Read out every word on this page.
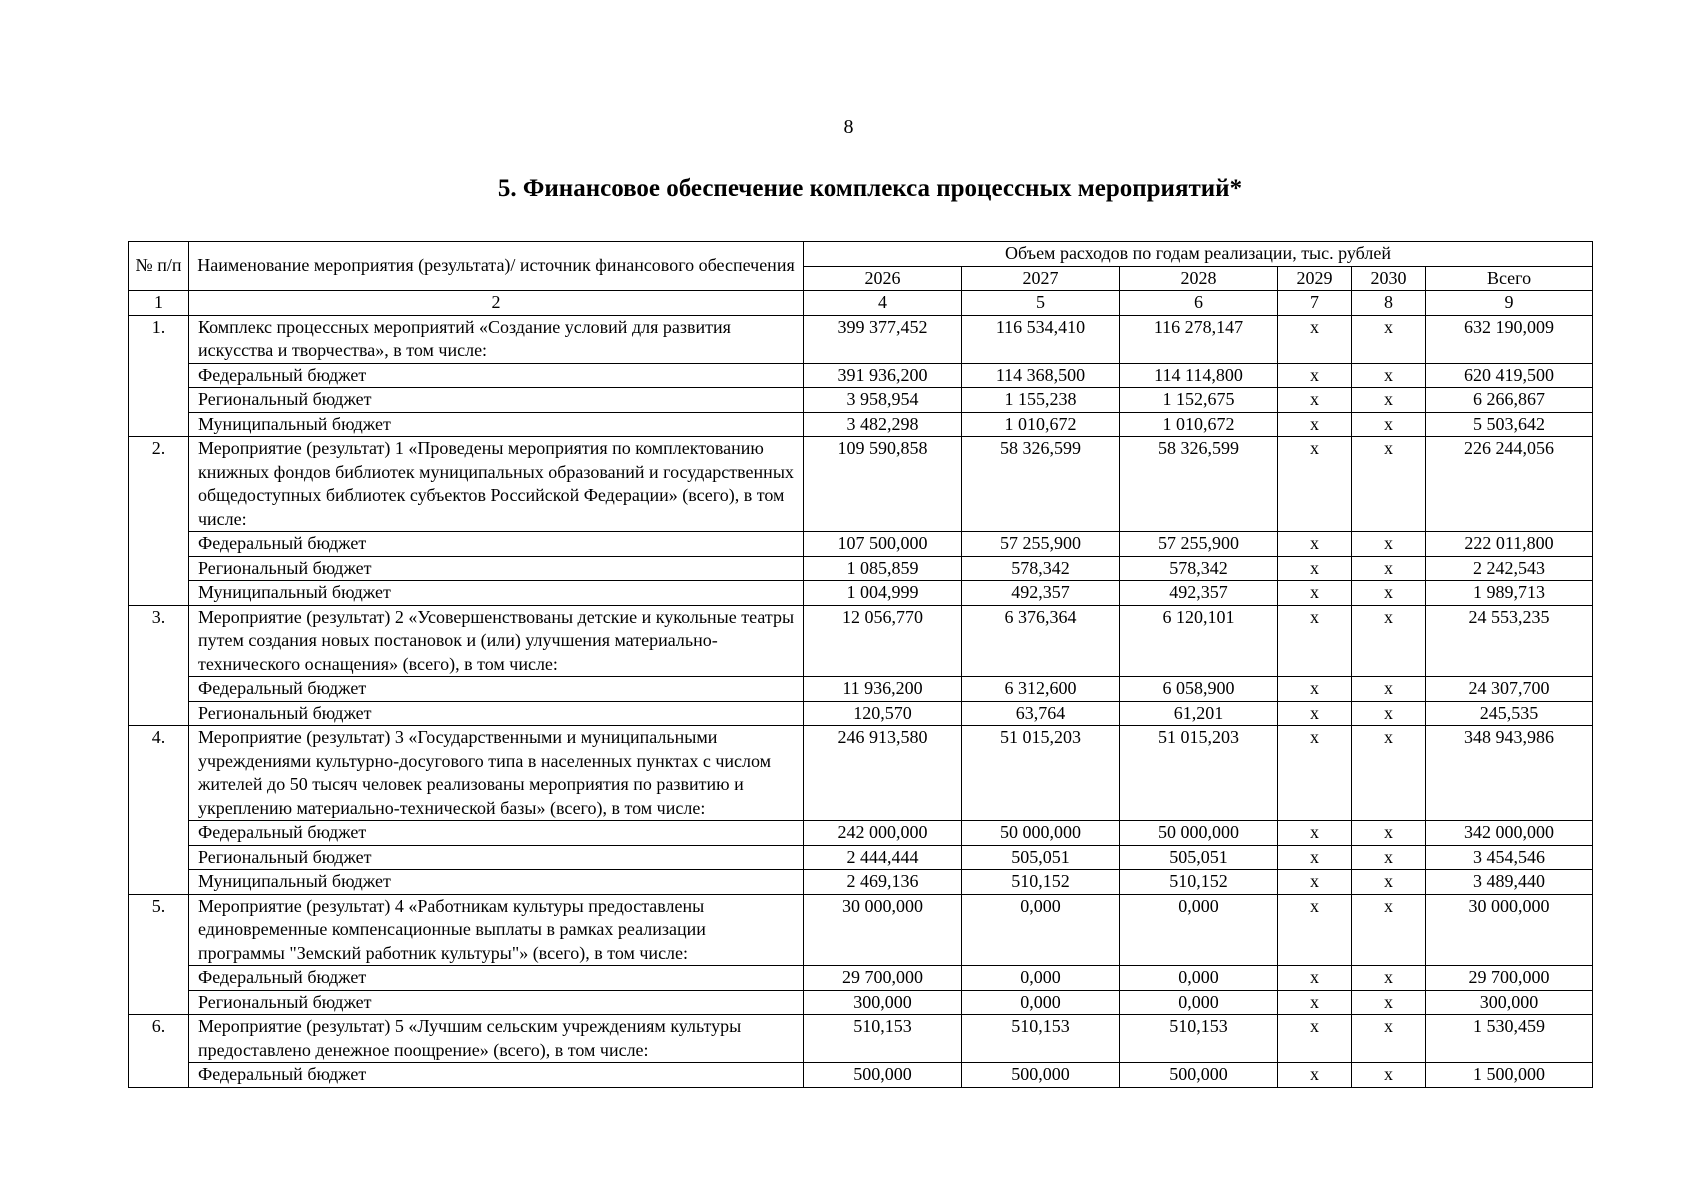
8
5. Финансовое обеспечение комплекса процессных мероприятий*
№ п/п	Наименование мероприятия (результата)/ источник финансового обеспечения	Объем расходов по годам реализации, тыс. рублей					
		2026	2027	2028	2029	2030	Всего
1	2	4	5	6	7	8	9
1.	Комплекс процессных мероприятий «Создание условий для развития искусства и творчества», в том числе:	399 377,452	116 534,410	116 278,147	х	х	632 190,009
	Федеральный бюджет	391 936,200	114 368,500	114 114,800	х	х	620 419,500
	Региональный бюджет	3 958,954	1 155,238	1 152,675	х	х	6 266,867
	Муниципальный бюджет	3 482,298	1 010,672	1 010,672	х	х	5 503,642
2.	Мероприятие (результат) 1 «Проведены мероприятия по комплектованию книжных фондов библиотек муниципальных образований и государственных общедоступных библиотек субъектов Российской Федерации» (всего), в том числе:	109 590,858	58 326,599	58 326,599	х	х	226 244,056
	Федеральный бюджет	107 500,000	57 255,900	57 255,900	х	х	222 011,800
	Региональный бюджет	1 085,859	578,342	578,342	х	х	2 242,543
	Муниципальный бюджет	1 004,999	492,357	492,357	х	х	1 989,713
3.	Мероприятие (результат) 2 «Усовершенствованы детские и кукольные театры путем создания новых постановок и (или) улучшения материально-технического оснащения» (всего), в том числе:	12 056,770	6 376,364	6 120,101	х	х	24 553,235
	Федеральный бюджет	11 936,200	6 312,600	6 058,900	х	х	24 307,700
	Региональный бюджет	120,570	63,764	61,201	х	х	245,535
4.	Мероприятие (результат) 3 «Государственными и муниципальными учреждениями культурно-досугового типа в населенных пунктах с числом жителей до 50 тысяч человек реализованы мероприятия по развитию и укреплению материально-технической базы» (всего), в том числе:	246 913,580	51 015,203	51 015,203	х	х	348 943,986
	Федеральный бюджет	242 000,000	50 000,000	50 000,000	х	х	342 000,000
	Региональный бюджет	2 444,444	505,051	505,051	х	х	3 454,546
	Муниципальный бюджет	2 469,136	510,152	510,152	х	х	3 489,440
5.	Мероприятие (результат) 4 «Работникам культуры предоставлены единовременные компенсационные выплаты в рамках реализации программы "Земский работник культуры"» (всего), в том числе:	30 000,000	0,000	0,000	х	х	30 000,000
	Федеральный бюджет	29 700,000	0,000	0,000	х	х	29 700,000
	Региональный бюджет	300,000	0,000	0,000	х	х	300,000
6.	Мероприятие (результат) 5 «Лучшим сельским учреждениям культуры предоставлено денежное поощрение» (всего), в том числе:	510,153	510,153	510,153	х	х	1 530,459
	Федеральный бюджет	500,000	500,000	500,000	х	х	1 500,000
